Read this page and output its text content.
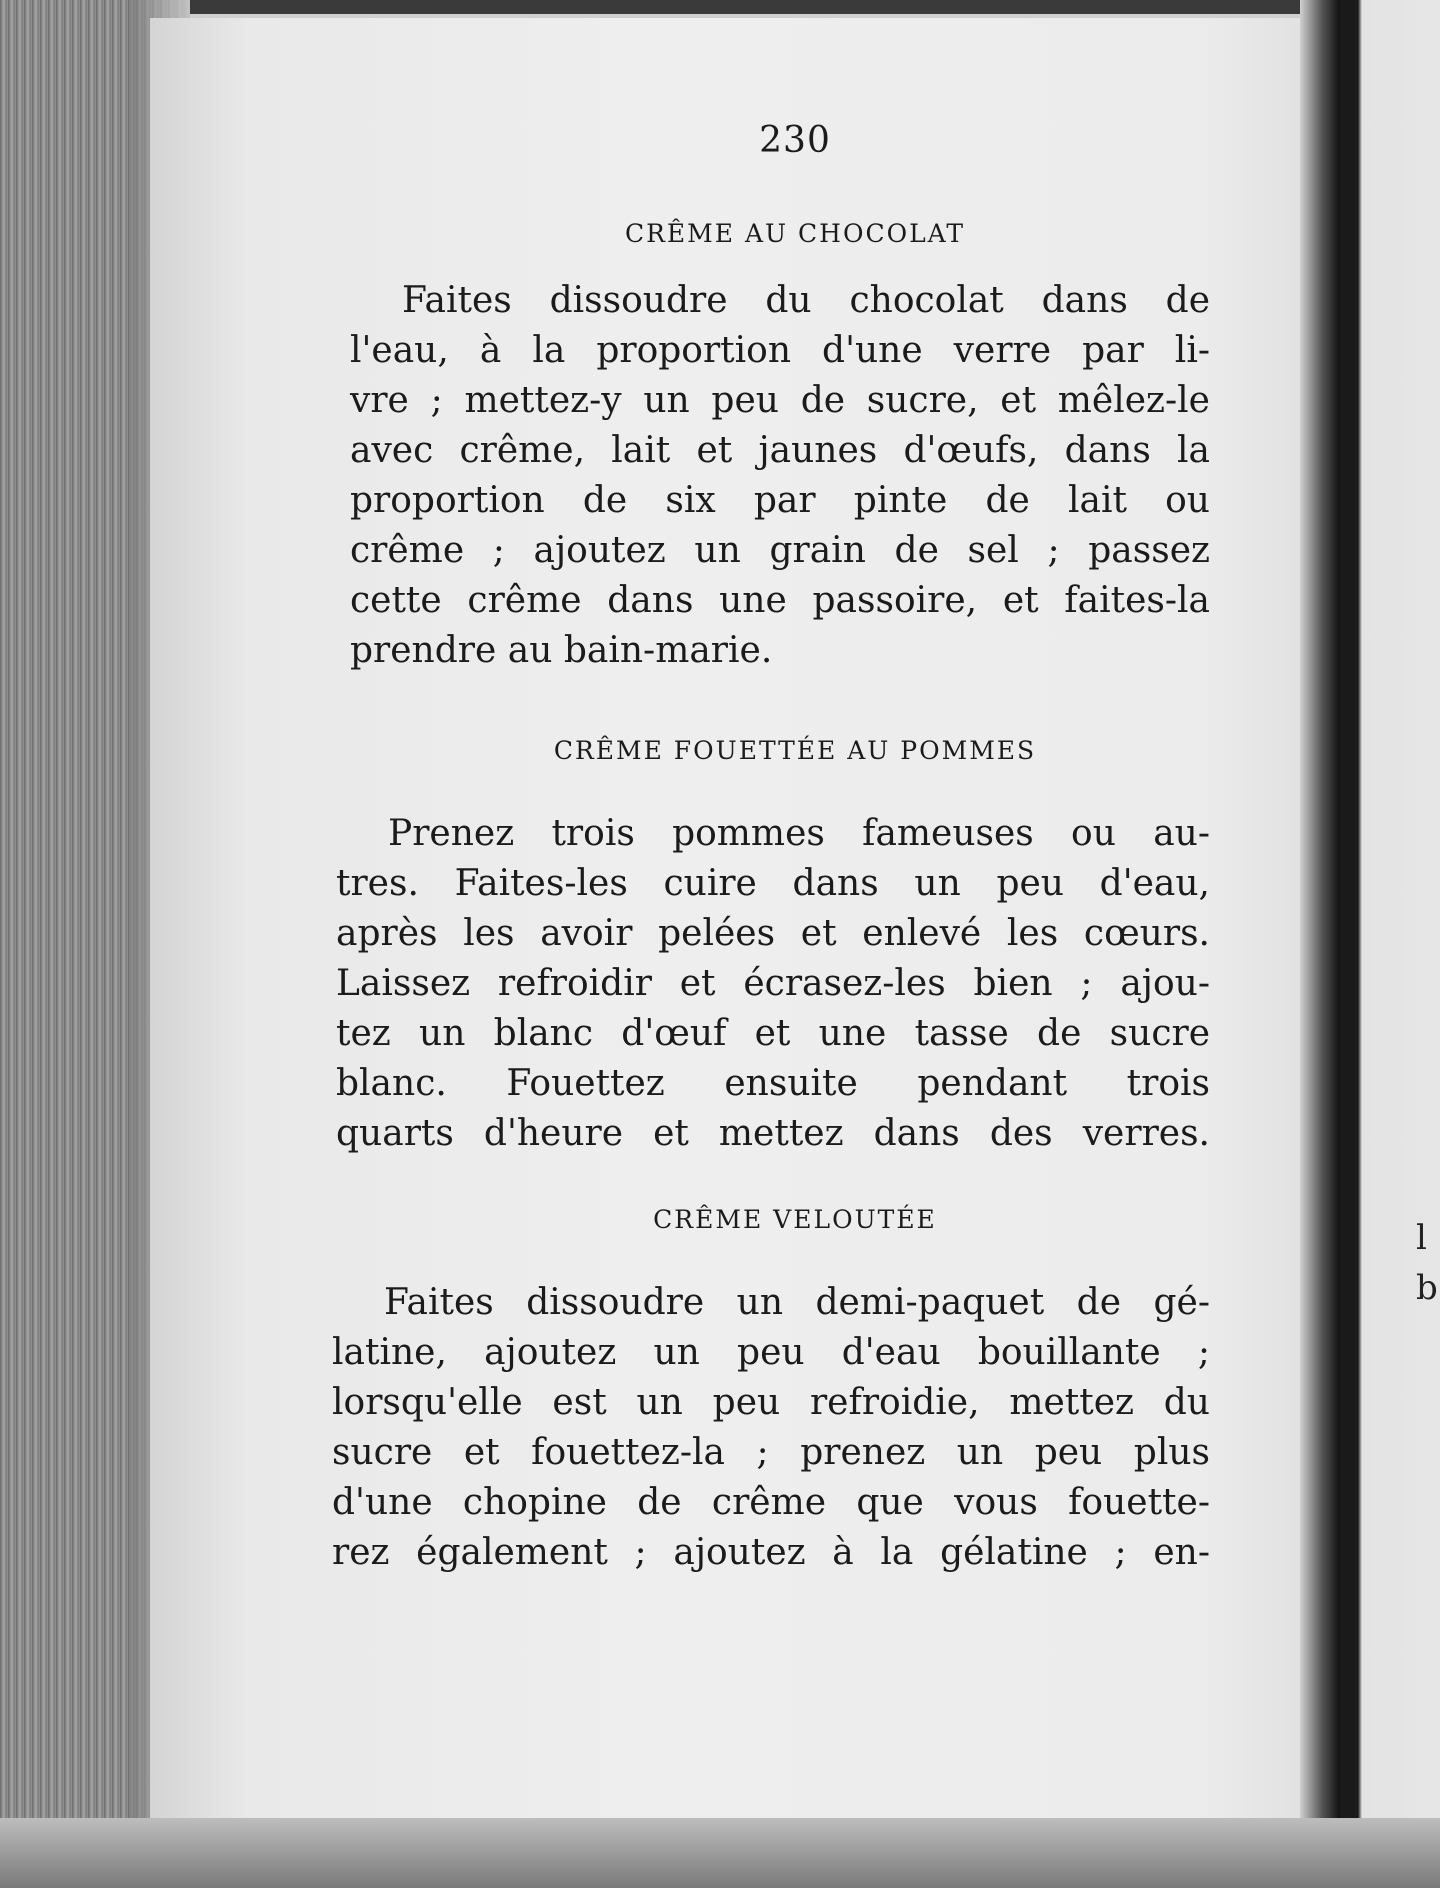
l
b
230
CRÊME AU CHOCOLAT
Faites dissoudre du chocolat dans de
l'eau, à la proportion d'une verre par li-
vre ; mettez-y un peu de sucre, et mêlez-le
avec crême, lait et jaunes d'œufs, dans la
proportion de six par pinte de lait ou
crême ; ajoutez un grain de sel ; passez
cette crême dans une passoire, et faites-la
prendre au bain-marie.
CRÊME FOUETTÉE AU POMMES
Prenez trois pommes fameuses ou au-
tres. Faites-les cuire dans un peu d'eau,
après les avoir pelées et enlevé les cœurs.
Laissez refroidir et écrasez-les bien ; ajou-
tez un blanc d'œuf et une tasse de sucre
blanc. Fouettez ensuite pendant trois
quarts d'heure et mettez dans des verres.
CRÊME VELOUTÉE
Faites dissoudre un demi-paquet de gé-
latine, ajoutez un peu d'eau bouillante ;
lorsqu'elle est un peu refroidie, mettez du
sucre et fouettez-la ; prenez un peu plus
d'une chopine de crême que vous fouette-
rez également ; ajoutez à la gélatine ; en-
